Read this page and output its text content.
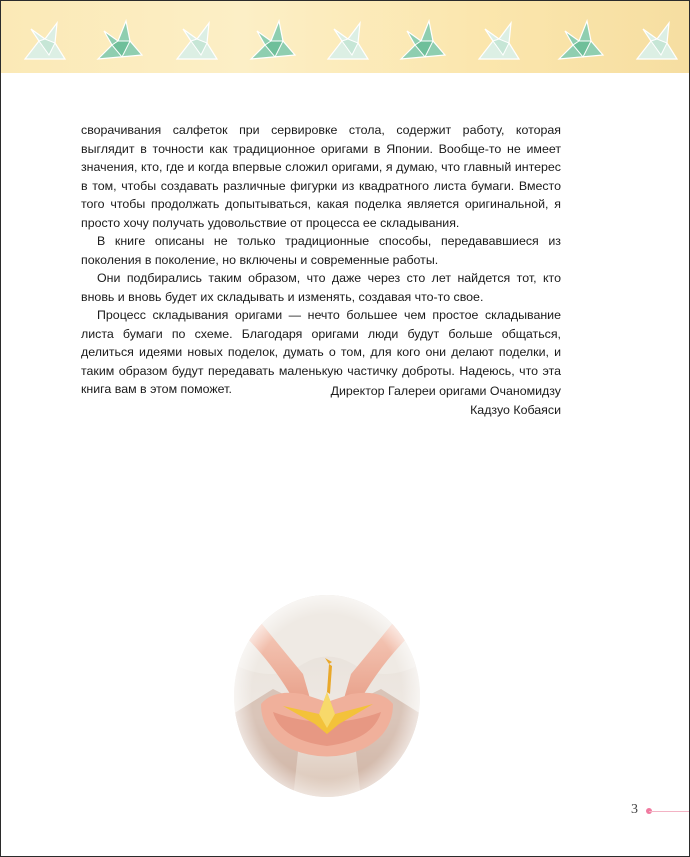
сворачивания салфеток при сервировке стола, содержит работу, которая выглядит в точности как традиционное оригами в Японии. Вообще-то не имеет значения, кто, где и когда впервые сложил оригами, я думаю, что главный интерес в том, чтобы создавать различные фигурки из квадратного листа бумаги. Вместо того чтобы продолжать допытываться, какая поделка является оригинальной, я просто хочу получать удовольствие от процесса ее складывания.

В книге описаны не только традиционные способы, передававшиеся из поколения в поколение, но включены и современные работы.

Они подбирались таким образом, что даже через сто лет найдется тот, кто вновь и вновь будет их складывать и изменять, создавая что-то свое.

Процесс складывания оригами — нечто большее чем простое складывание листа бумаги по схеме. Благодаря оригами люди будут больше общаться, делиться идеями новых поделок, думать о том, для кого они делают поделки, и таким образом будут передавать маленькую частичку доброты. Надеюсь, что эта книга вам в этом поможет.	Директор Галереи оригами Очаномидзу
Кадзуо Кобаяси
3
